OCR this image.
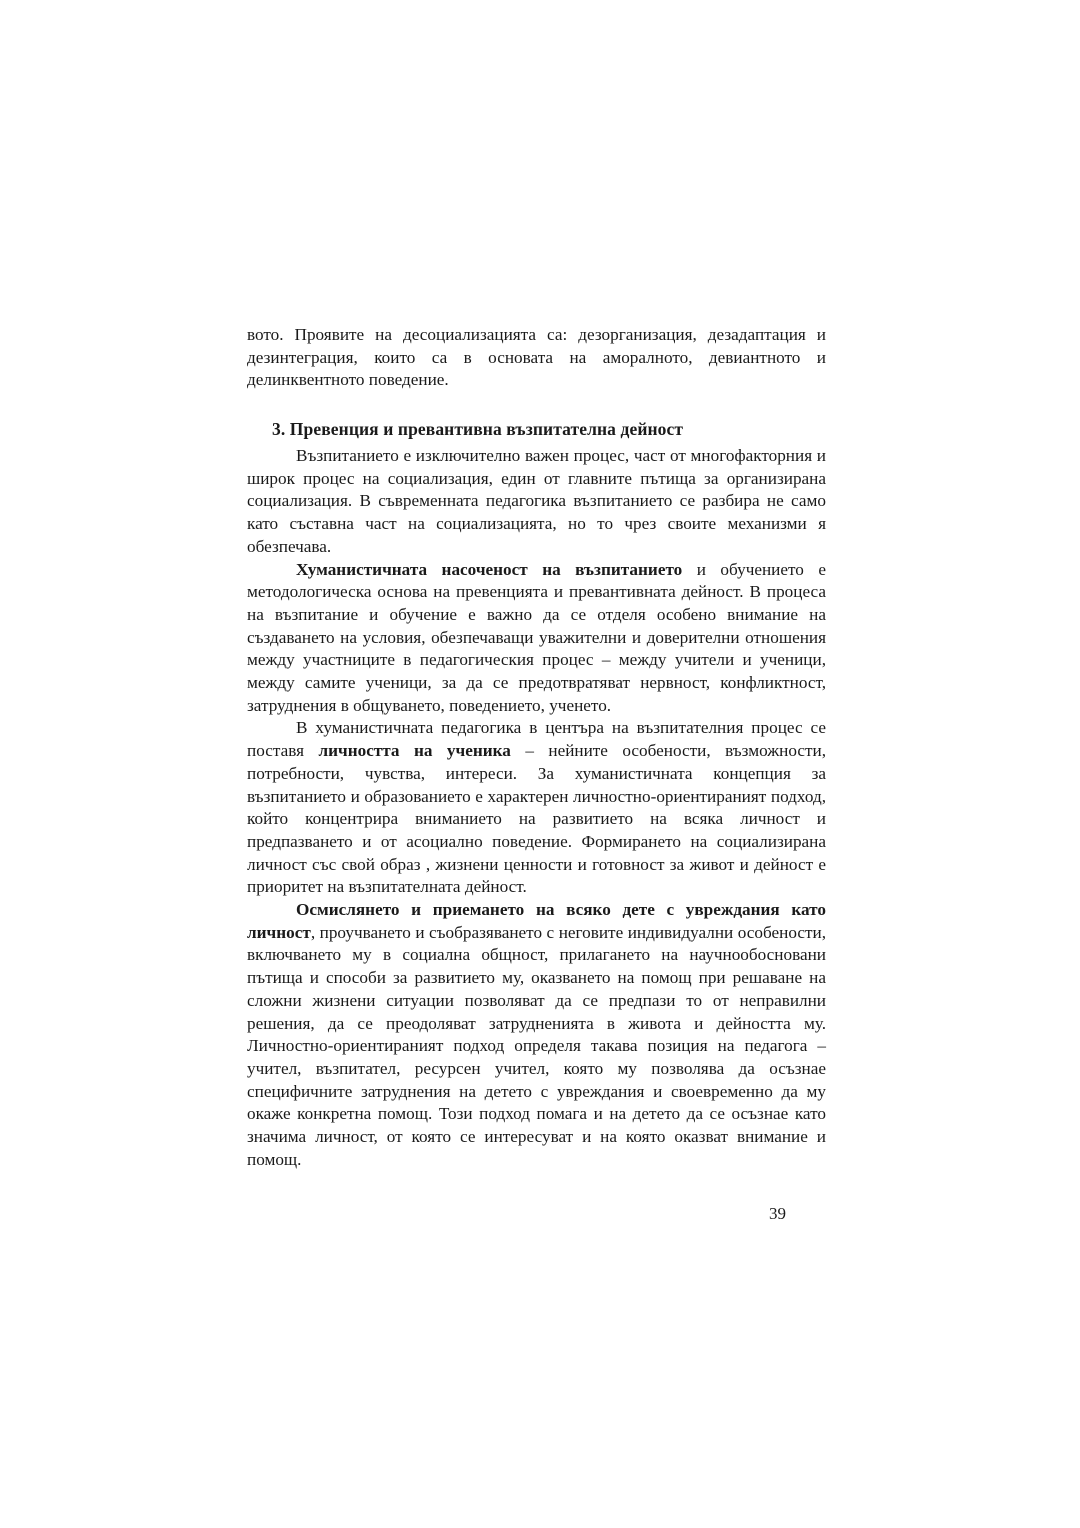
вото. Проявите на десоциализацията са: дезорганизация, дезадаптация и дезинтеграция, които са в основата на аморалното, девиантното и делинквентното поведение.

3. Превенция и превантивна възпитателна дейност

Възпитанието е изключително важен процес, част от многофакторния и широк процес на социализация, един от главните пътища за организирана социализация. В съвременната педагогика възпитанието се разбира не само като съставна част на социализацията, но то чрез своите механизми я обезпечава.

Хуманистичната насоченост на възпитанието и обучението е методологическа основа на превенцията и превантивната дейност. В процеса на възпитание и обучение е важно да се отделя особено внимание на създаването на условия, обезпечаващи уважителни и доверителни отношения между участниците в педагогическия процес – между учители и ученици, между самите ученици, за да се предотвратяват нервност, конфликтност, затруднения в общуването, поведението, ученето.

В хуманистичната педагогика в центъра на възпитателния процес се поставя личността на ученика – нейните особености, възможности, потребности, чувства, интереси. За хуманистичната концепция за възпитанието и образованието е характерен личностно-ориентираният подход, който концентрира вниманието на развитието на всяка личност и предпазването и от асоциално поведение. Формирането на социализирана личност със свой образ , жизнени ценности и готовност за живот и дейност е приоритет на възпитателната дейност.

Осмислянето и приемането на всяко дете с увреждания като личност, проучването и съобразяването с неговите индивидуални особености, включването му в социална общност, прилагането на научнообосновани пътища и способи за развитието му, оказването на помощ при решаване на сложни жизнени ситуации позволяват да се предпази то от неправилни решения, да се преодоляват затрудненията в живота и дейността му. Личностно-ориентираният подход определя такава позиция на педагога – учител, възпитател, ресурсен учител, която му позволява да осъзнае специфичните затруднения на детето с увреждания и своевременно да му окаже конкретна помощ. Този подход помага и на детето да се осъзнае като значима личност, от която се интересуват и на която оказват внимание и помощ.

39
